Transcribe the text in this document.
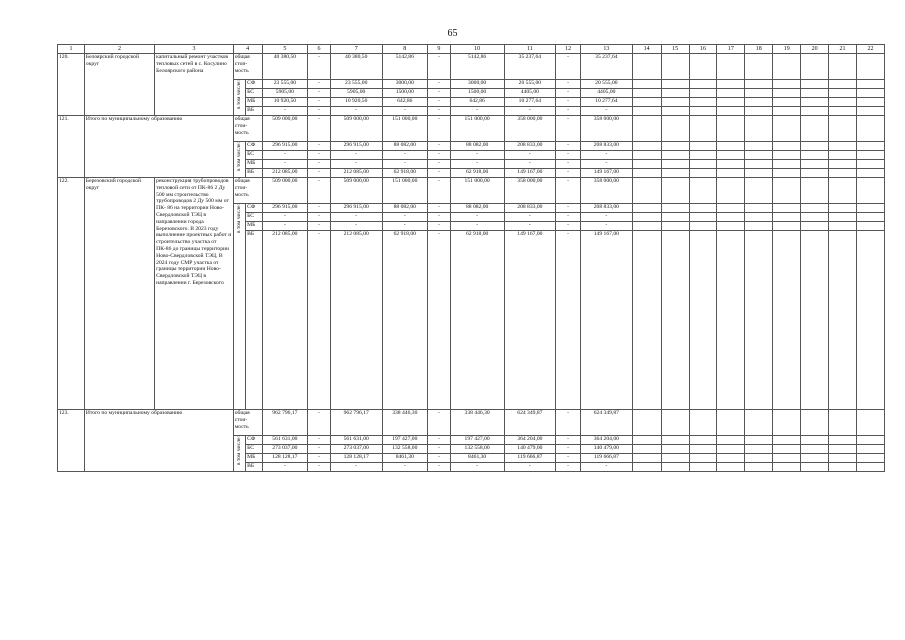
65
1	2	3	4		5	6	7	8	9	10	11	12	13	14	15	16	17	18	19	20	21	22
120.	Белоярский городской округ	капитальный ремонт участков тепловых сетей в с. Косулино Белоярского района	общая стои-мость		40 380,50	-	40 380,50	5142,86	-	5142,86	35 237,64	-	35 237,64									

			в том числе:	СФ	23 555,00	-	23 555,00	3000,00	-	3000,00	20 555,00	-	20 555,00									
				БС	5905,00	-	5905,00	1500,00	-	1500,00	4405,00	-	4405,00									
				МБ	10 920,50	-	10 920,50	642,86	-	642,86	10 277,64	-	10 277,64									
				ВБ	-	-	-	-	-	-	-	-	-									
121.	Итого по муниципальному образованию		общая стои-мость		509 000,00	-	509 000,00	151 000,00	-	151 000,00	358 000,00	-	358 000,00									

			в том числе:	СФ	296 915,00	-	296 915,00	88 082,00	-	88 082,00	208 833,00	-	208 833,00									
				БС	-	-	-	-	-	-	-	-	-									
				МБ	-	-	-	-	-	-	-	-	-									
				ВБ	212 085,00	-	212 085,00	62 918,00	-	62 918,00	149 167,00	-	149 167,00									
122.	Березовский городской округ	реконструкция трубопроводов тепловой сети от ПК-86 2 Ду 500 мм строительство трубопроводов 2 Ду 500 мм от ПК- 86 на территории Ново-Свердловской ТЭЦ в направлении города Березовского. В 2023 году выполнение проектных работ и строительство участка от ПК-86 до границы территории Ново-Свердловской ТЭЦ, В 2024 году СМР участка от границы территории Ново-Свердловской ТЭЦ в направлении г. Березовского	общая стои-мость		509 000,00	-	509 000,00	151 000,00	-	151 000,00	358 000,00	-	358 000,00									

			в том числе:	СФ	296 915,00	-	296 915,00	88 082,00	-	88 082,00	208 833,00	-	208 833,00									
				БС	-	-	-	-	-	-	-	-	-									
				МБ	-	-	-	-	-	-	-	-	-									
				ВБ	212 085,00	-	212 085,00	62 918,00	-	62 918,00	149 167,00	-	149 167,00									
123.	Итого по муниципальному образованию		общая стои-мость		962 796,17	-	962 796,17	338 446,30	-	338 446,30	624 349,87	-	624 349,87									

			в том числе:	СФ	561 631,00	-	561 631,00	197 427,00	-	197 427,00	364 204,00	-	364 204,00									
				БС	273 037,00	-	273 037,00	132 558,00	-	132 558,00	140 479,00	-	140 479,00									
				МБ	128 128,17	-	128 128,17	8461,30	-	8461,30	119 666,87	-	119 666,87									
				ВБ	-	-	-	-	-	-	-	-	-									
